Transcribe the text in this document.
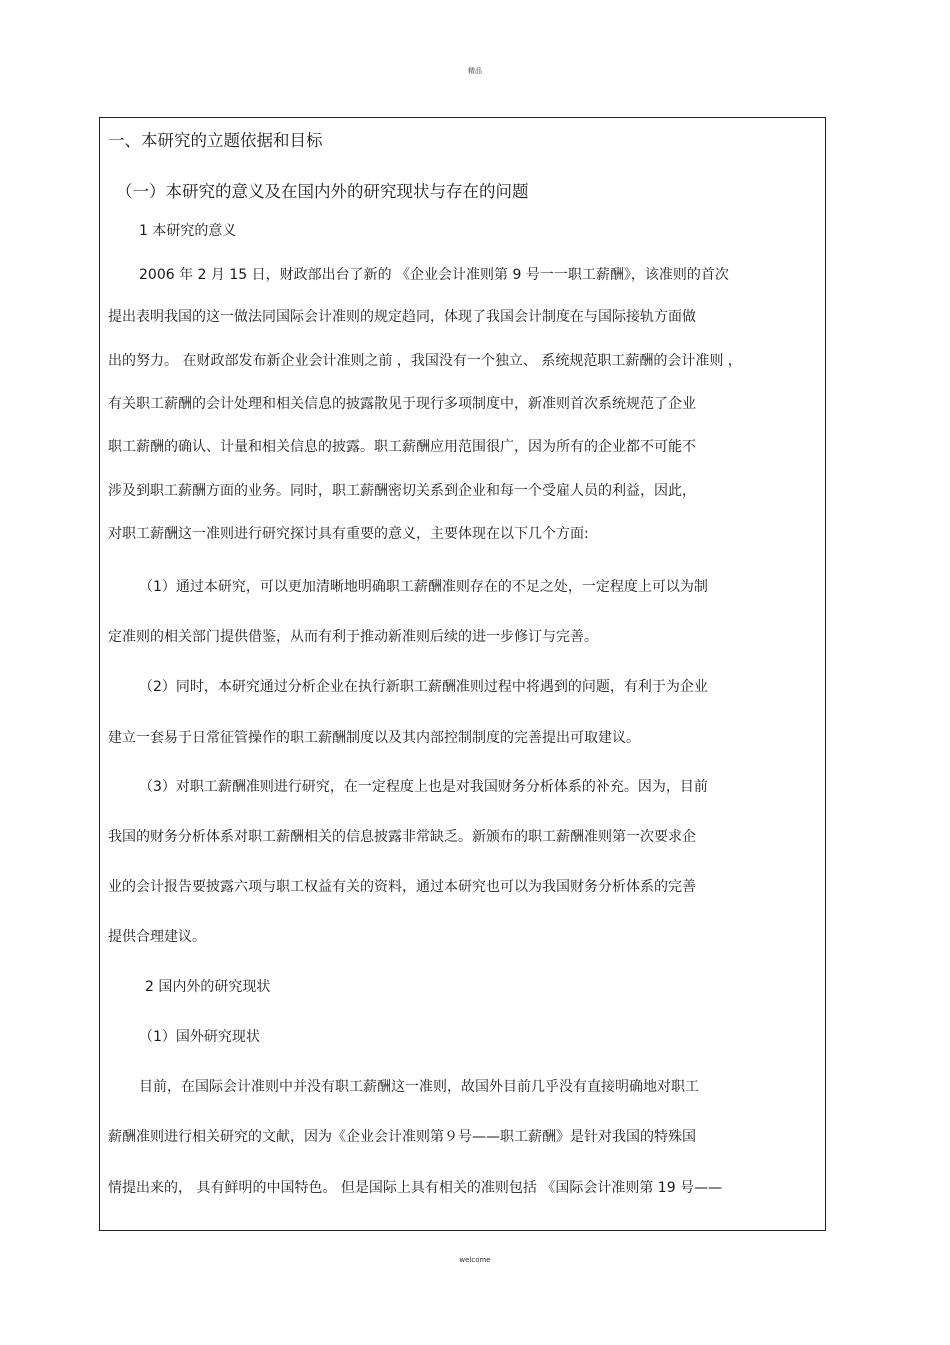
精品
一、本研究的立题依据和目标
（一）本研究的意义及在国内外的研究现状与存在的问题
1 本研究的意义
2006 年 2 月 15 日，财政部出台了新的 《企业会计准则第 9 号一一职工薪酬》，该准则的首次
提出表明我国的这一做法同国际会计准则的规定趋同，体现了我国会计制度在与国际接轨方面做
出的努力。 在财政部发布新企业会计准则之前 ，我国没有一个独立、 系统规范职工薪酬的会计准则 ，
有关职工薪酬的会计处理和相关信息的披露散见于现行多项制度中，新准则首次系统规范了企业
职工薪酬的确认、计量和相关信息的披露。职工薪酬应用范围很广，因为所有的企业都不可能不
涉及到职工薪酬方面的业务。同时，职工薪酬密切关系到企业和每一个受雇人员的利益，因此，
对职工薪酬这一准则进行研究探讨具有重要的意义，主要体现在以下几个方面:
（1）通过本研究，可以更加清晰地明确职工薪酬准则存在的不足之处，一定程度上可以为制
定准则的相关部门提供借鉴，从而有利于推动新准则后续的进一步修订与完善。
（2）同时，本研究通过分析企业在执行新职工薪酬准则过程中将遇到的问题，有利于为企业
建立一套易于日常征管操作的职工薪酬制度以及其内部控制制度的完善提出可取建议。
（3）对职工薪酬准则进行研究，在一定程度上也是对我国财务分析体系的补充。因为，目前
我国的财务分析体系对职工薪酬相关的信息披露非常缺乏。新颁布的职工薪酬准则第一次要求企
业的会计报告要披露六项与职工权益有关的资料，通过本研究也可以为我国财务分析体系的完善
提供合理建议。
2 国内外的研究现状
（1）国外研究现状
目前，在国际会计准则中并没有职工薪酬这一准则，故国外目前几乎没有直接明确地对职工
薪酬准则进行相关研究的文献，因为《企业会计准则第９号——职工薪酬》是针对我国的特殊国
情提出来的， 具有鲜明的中国特色。 但是国际上具有相关的准则包括 《国际会计准则第 19 号——
welcome
